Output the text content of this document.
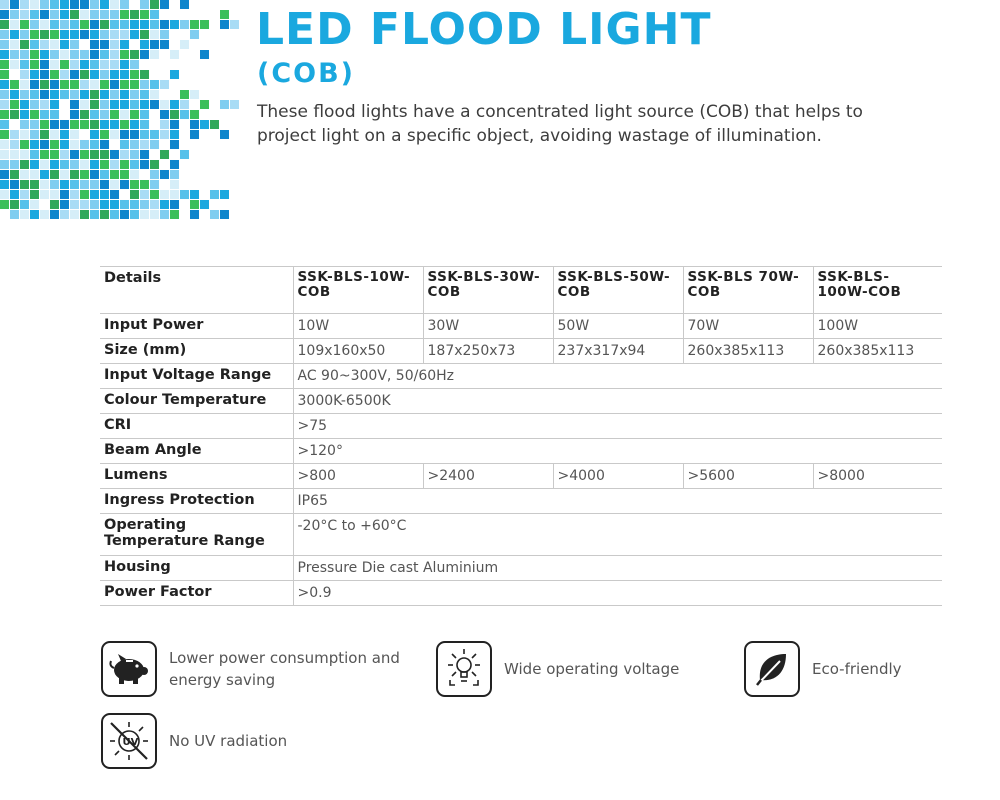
LED FLOOD LIGHT
(COB)

These flood lights have a concentrated light source (COB) that helps to project light on a specific object, avoiding wastage of illumination.

Details	SSK-BLS-10W-COB	SSK-BLS-30W-COB	SSK-BLS-50W-COB	SSK-BLS 70W-COB	SSK-BLS-100W-COB
Input Power	10W	30W	50W	70W	100W
Size (mm)	109x160x50	187x250x73	237x317x94	260x385x113	260x385x113
Input Voltage Range	AC 90~300V, 50/60Hz				
Colour Temperature	3000K-6500K				
CRI	>75				
Beam Angle	>120°				
Lumens	>800	>2400	>4000	>5600	>8000
Ingress Protection	IP65				
Operating Temperature Range	-20°C to +60°C				
Housing	Pressure Die cast Aluminium				
Power Factor	>0.9				
Lower power consumption and energy saving
Wide operating voltage	Eco-friendly
UV No UV radiation
